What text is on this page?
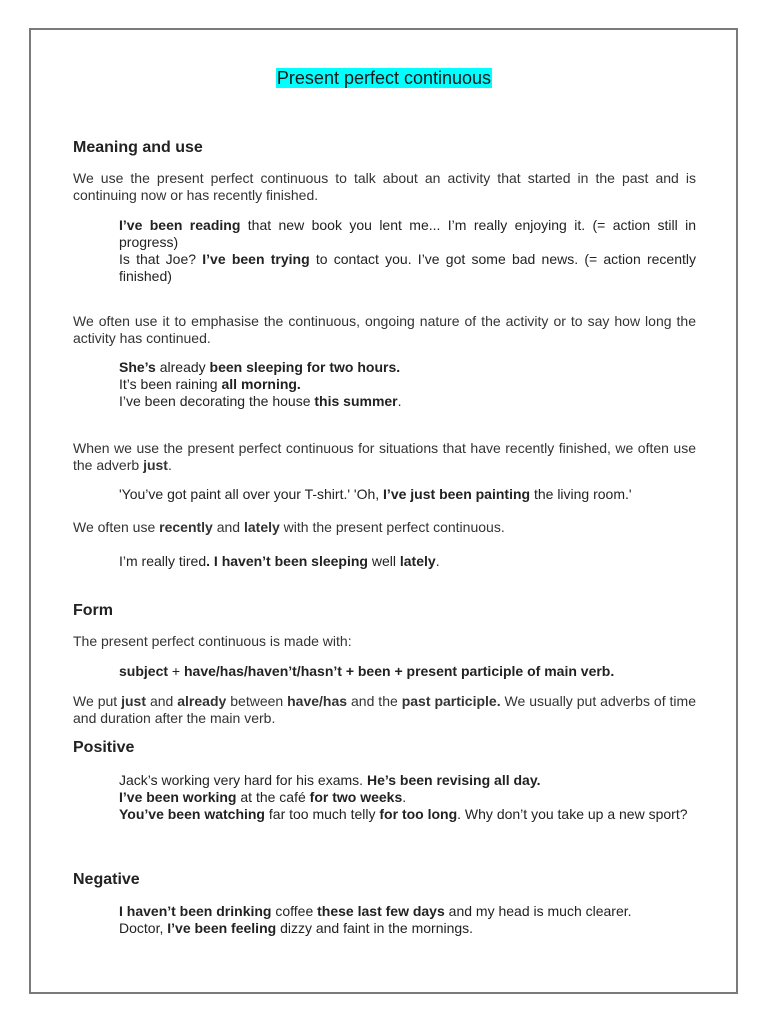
Present perfect continuous
Meaning and use
We use the present perfect continuous to talk about an activity that started in the past and is continuing now or has recently finished.
I’ve been reading that new book you lent me... I’m really enjoying it. (= action still in progress)
Is that Joe? I’ve been trying to contact you. I’ve got some bad news. (= action recently finished)
We often use it to emphasise the continuous, ongoing nature of the activity or to say how long the activity has continued.
She’s already been sleeping for two hours.
It’s been raining all morning.
I’ve been decorating the house this summer.
When we use the present perfect continuous for situations that have recently finished, we often use the adverb just.
'You’ve got paint all over your T-shirt.' 'Oh, I’ve just been painting the living room.'
We often use recently and lately with the present perfect continuous.
I’m really tired. I haven’t been sleeping well lately.
Form
The present perfect continuous is made with:
subject + have/has/haven’t/hasn’t + been + present participle of main verb.
We put just and already between have/has and the past participle. We usually put adverbs of time and duration after the main verb.
Positive
Jack’s working very hard for his exams. He’s been revising all day.
I’ve been working at the café for two weeks.
You’ve been watching far too much telly for too long. Why don’t you take up a new sport?
Negative
I haven’t been drinking coffee these last few days and my head is much clearer.
Doctor, I’ve been feeling dizzy and faint in the mornings.
